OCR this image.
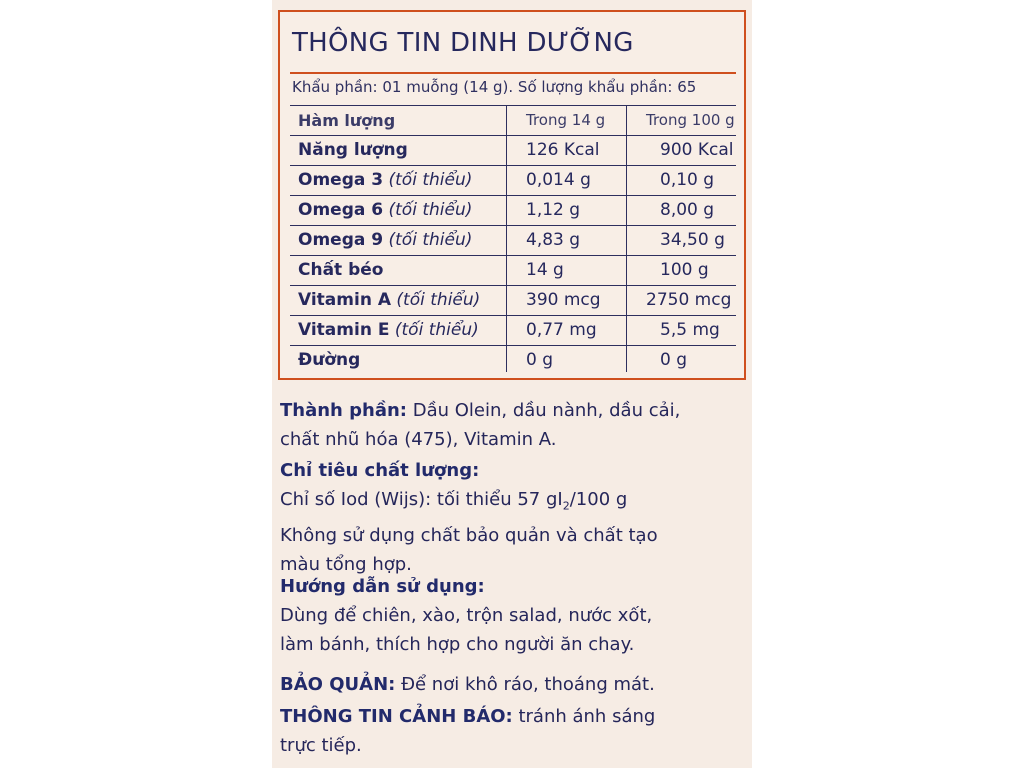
THÔNG TIN DINH DƯỠNG
Khẩu phần: 01 muỗng (14 g). Số lượng khẩu phần: 65
Hàm lượng	Trong 14 g	Trong 100 g
Năng lượng	126 Kcal	900 Kcal
Omega 3 (tối thiểu)	0,014 g	0,10 g
Omega 6 (tối thiểu)	1,12 g	8,00 g
Omega 9 (tối thiểu)	4,83 g	34,50 g
Chất béo	14 g	100 g
Vitamin A (tối thiểu)	390 mcg	2750 mcg
Vitamin E (tối thiểu)	0,77 mg	5,5 mg
Đường	0 g	0 g
Thành phần: Dầu Olein, dầu nành, dầu cải,
chất nhũ hóa (475), Vitamin A.
Chỉ tiêu chất lượng:
Chỉ số Iod (Wijs): tối thiểu 57 $gI_2/100$ g
Không sử dụng chất bảo quản và chất tạo
màu tổng hợp.
Hướng dẫn sử dụng:
Dùng để chiên, xào, trộn salad, nước xốt,
làm bánh, thích hợp cho người ăn chay.
BẢO QUẢN: Để nơi khô ráo, thoáng mát.
THÔNG TIN CẢNH BÁO: tránh ánh sáng
trực tiếp.
